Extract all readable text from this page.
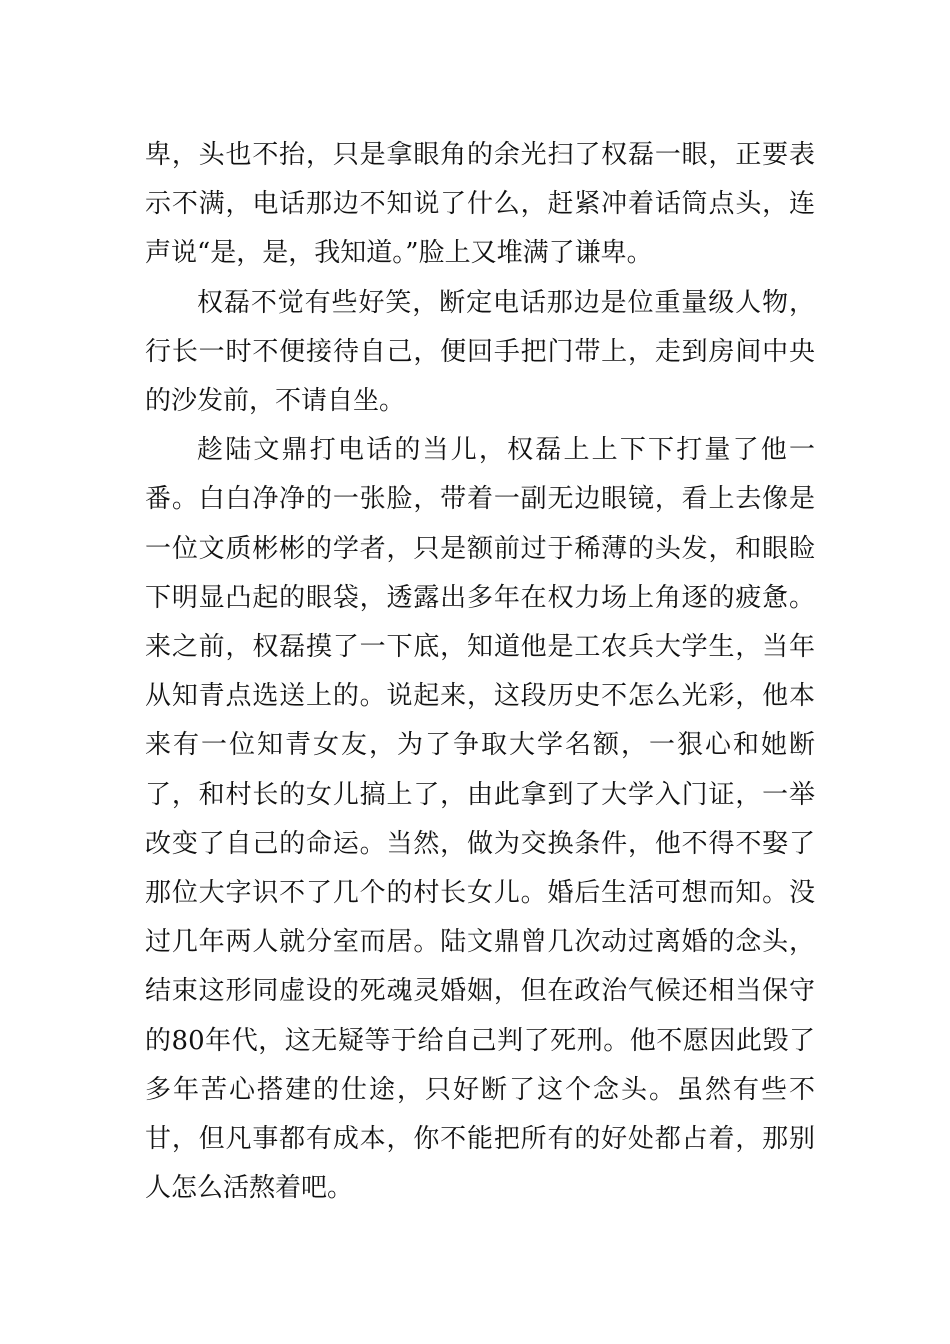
卑，头也不抬，只是拿眼角的余光扫了权磊一眼，正要表示不满，电话那边不知说了什么，赶紧冲着话筒点头，连声说“是，是，我知道。”脸上又堆满了谦卑。

权磊不觉有些好笑，断定电话那边是位重量级人物，行长一时不便接待自己，便回手把门带上，走到房间中央的沙发前，不请自坐。

趁陆文鼎打电话的当儿，权磊上上下下打量了他一番。白白净净的一张脸，带着一副无边眼镜，看上去像是一位文质彬彬的学者，只是额前过于稀薄的头发，和眼睑下明显凸起的眼袋，透露出多年在权力场上角逐的疲惫。来之前，权磊摸了一下底，知道他是工农兵大学生，当年从知青点选送上的。说起来，这段历史不怎么光彩，他本来有一位知青女友，为了争取大学名额，一狠心和她断了，和村长的女儿搞上了，由此拿到了大学入门证，一举改变了自己的命运。当然，做为交换条件，他不得不娶了那位大字识不了几个的村长女儿。婚后生活可想而知。没过几年两人就分室而居。陆文鼎曾几次动过离婚的念头，结束这形同虚设的死魂灵婚姻，但在政治气候还相当保守的80年代，这无疑等于给自己判了死刑。他不愿因此毁了多年苦心搭建的仕途，只好断了这个念头。虽然有些不甘，但凡事都有成本，你不能把所有的好处都占着，那别人怎么活熬着吧。
